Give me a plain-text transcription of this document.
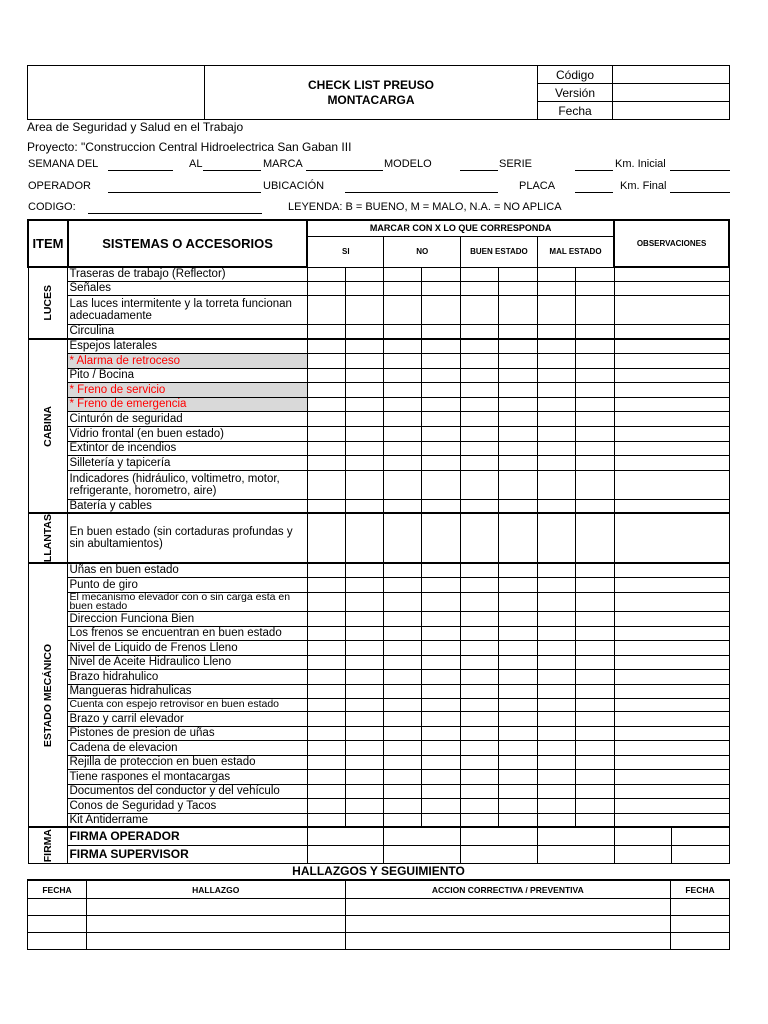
	CHECK LIST PREUSO
MONTACARGA	Código	
		Versión	
		Fecha	
Area de Seguridad y Salud en el Trabajo
Proyecto: "Construccion Central Hidroelectrica San Gaban III
SEMANA DEL	AL	MARCA	MODELO	SERIE	Km. Inicial
OPERADOR	UBICACIÓN	PLACA	Km. Final
CODIGO:	LEYENDA: B = BUENO, M = MALO, N.A. = NO APLICA
ITEM	SISTEMAS O ACCESORIOS	MARCAR CON X LO QUE CORRESPONDA								OBSERVACIONES	
		SI		NO		BUEN ESTADO		MAL ESTADO			

LUCES	Traseras de trabajo (Reflector)										
	Señales										
	Las luces intermitente y la torreta funcionan adecuadamente										
	Circulina										

CABINA	Espejos laterales										
	* Alarma de retroceso										
	Pito / Bocina										
	* Freno de servicio										
	* Freno de emergencia										
	Cinturón de seguridad										
	Vidrio frontal (en buen estado)										
	Extintor de incendios										
	Silletería y tapicería										
	Indicadores (hidráulico, voltimetro, motor, refrigerante, horometro, aire)										
	Batería y cables										

LLANTAS	En buen estado (sin cortaduras profundas y sin abultamientos)										

ESTADO MECÁNICO	Uñas en buen estado										
	Punto de giro										
	El mecanismo elevador con o sin carga esta en buen estado										
	Direccion Funciona Bien										
	Los frenos se encuentran en buen estado										
	Nivel de Liquido de Frenos Lleno										
	Nivel de Aceite Hidraulico Lleno										
	Brazo hidrahulico										
	Mangueras hidrahulicas										
	Cuenta con espejo retrovisor en buen estado										
	Brazo y carril elevador										
	Pistones de presion de uñas										
	Cadena de elevacion										
	Rejilla de proteccion en buen estado										
	Tiene raspones el montacargas										
	Documentos del conductor y del vehículo										
	Conos de Seguridad y Tacos										
	Kit Antiderrame										

FIRMA	FIRMA OPERADOR										
	FIRMA SUPERVISOR										
HALLAZGOS Y SEGUIMIENTO
FECHA	HALLAZGO	ACCION CORRECTIVA / PREVENTIVA	FECHA
